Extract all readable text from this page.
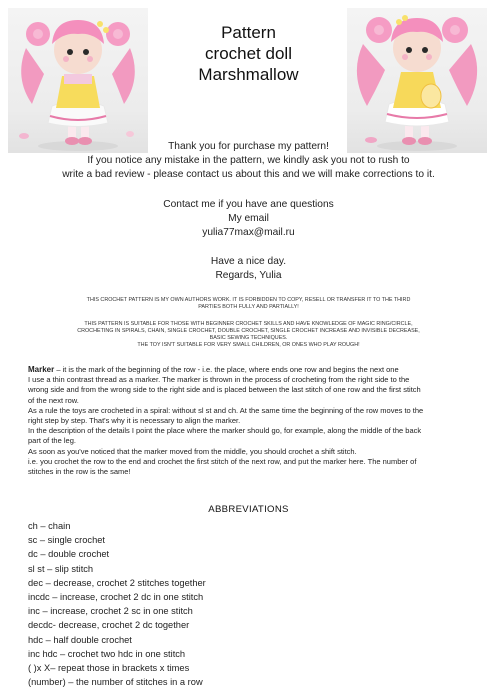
Pattern
crochet doll
Marshmallow
Thank you for purchase my pattern!
If you notice any mistake in the pattern, we kindly ask you not to rush to
write a bad review - please contact us about this and we will make corrections to it.
Contact me if you have ane questions
My email
yulia77max@mail.ru
Have a nice day.
Regards, Yulia
THIS CROCHET PATTERN IS MY OWN AUTHORS WORK. IT IS FORBIDDEN TO COPY, RESELL OR TRANSFER IT TO THE THIRD
PARTIES BOTH FULLY AND PARTIALLY!
THIS PATTERN IS SUITABLE FOR THOSE WITH BEGINNER CROCHET SKILLS AND HAVE KNOWLEDGE OF MAGIC RING/CIRCLE,
CROCHETING IN SPIRALS, CHAIN, SINGLE CROCHET, DOUBLE CROCHET, SINGLE CROCHET INCREASE AND INVISIBLE DECREASE,
BASIC SEWING TECHNIQUES.
THE TOY ISN'T SUITABLE FOR VERY SMALL CHILDREN, OR ONES WHO PLAY ROUGH!

Marker – it is the mark of the beginning of the row - i.e. the place, where ends one row and begins the next one

I use a thin contrast thread as a marker. The marker is thrown in the process of crocheting from the right side to the

wrong side and from the wrong side to the right side and is placed between the last stitch of one row and the first stitch

of the next row.

As a rule the toys are crocheted in a spiral: without sl st and ch. At the same time the beginning of the row moves to the

right step by step. That's why it is necessary to align the marker.

In the description of the details I point the place where the marker should go, for example, along the middle of the back

part of the leg.

As soon as you've noticed that the marker moved from the middle, you should crochet a shift stitch.

i.e. you crochet the row to the end and crochet the first stitch of the next row, and put the marker here. The number of

stitches in the row is the same!

ABBREVIATIONS
ch – chain
sc – single crochet
dc – double crochet
sl st – slip stitch
dec – decrease, crochet 2 stitches together
incdc – increase, crochet 2 dc in one stitch
inc – increase, crochet 2 sc in one stitch
decdc- decrease, crochet 2 dc together
hdc – half double crochet
inc hdc – crochet two hdc in one stitch
( )x X– repeat those in brackets x times
(number) – the number of stitches in a row
